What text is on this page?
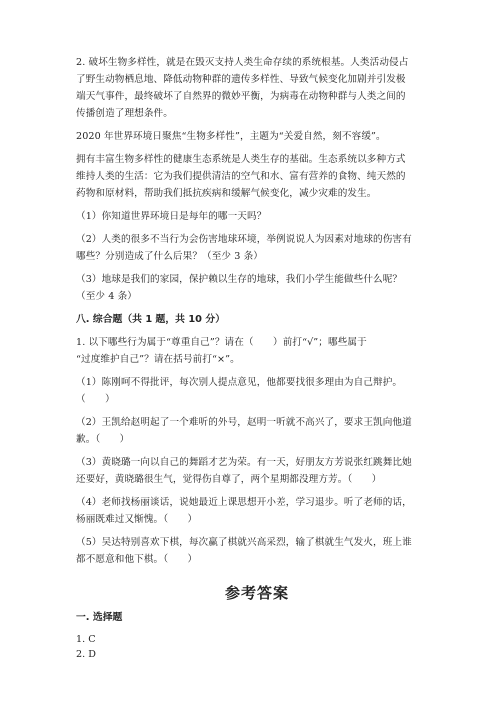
2. 破坏生物多样性，就是在毁灭支持人类生命存续的系统根基。人类活动侵占
了野生动物栖息地、降低动物种群的遗传多样性、导致气候变化加剧并引发极
端天气事件，最终破坏了自然界的微妙平衡，为病毒在动物种群与人类之间的
传播创造了理想条件。
2020 年世界环境日聚焦“生物多样性”，主题为“关爱自然，刻不容缓”。
拥有丰富生物多样性的健康生态系统是人类生存的基础。生态系统以多种方式
维持人类的生活：它为我们提供清洁的空气和水、富有营养的食物、纯天然的
药物和原材料，帮助我们抵抗疾病和缓解气候变化，减少灾难的发生。
（1）你知道世界环境日是每年的哪一天吗？
（2）人类的很多不当行为会伤害地球环境，举例说说人为因素对地球的伤害有
哪些？分别造成了什么后果？（至少 3 条）
（3）地球是我们的家园，保护赖以生存的地球，我们小学生能做些什么呢？
（至少 4 条）
八. 综合题（共 1 题，共 10 分）
1. 以下哪些行为属于“尊重自己”？请在（　　）前打“√”；哪些属于
“过度维护自己”？请在括号前打“×”。
（1）陈刚呵不得批评，每次别人提点意见，他都要找很多理由为自己辩护。
（　　）
（2）王凯给赵明起了一个难听的外号，赵明一听就不高兴了，要求王凯向他道
歉。（　　）
（3）黄晓璐一向以自己的舞蹈才艺为荣。有一天，好朋友方芳说张红跳舞比她
还要好，黄晓璐很生气，觉得伤自尊了，两个星期都没理方芳。（　　）
（4）老师找杨丽谈话，说她最近上课思想开小差，学习退步。听了老师的话，
杨丽既难过又惭愧。（　　）
（5）吴达特别喜欢下棋，每次赢了棋就兴高采烈，输了棋就生气发火，班上谁
都不愿意和他下棋。（　　）
参考答案
一. 选择题
1. C
2. D
